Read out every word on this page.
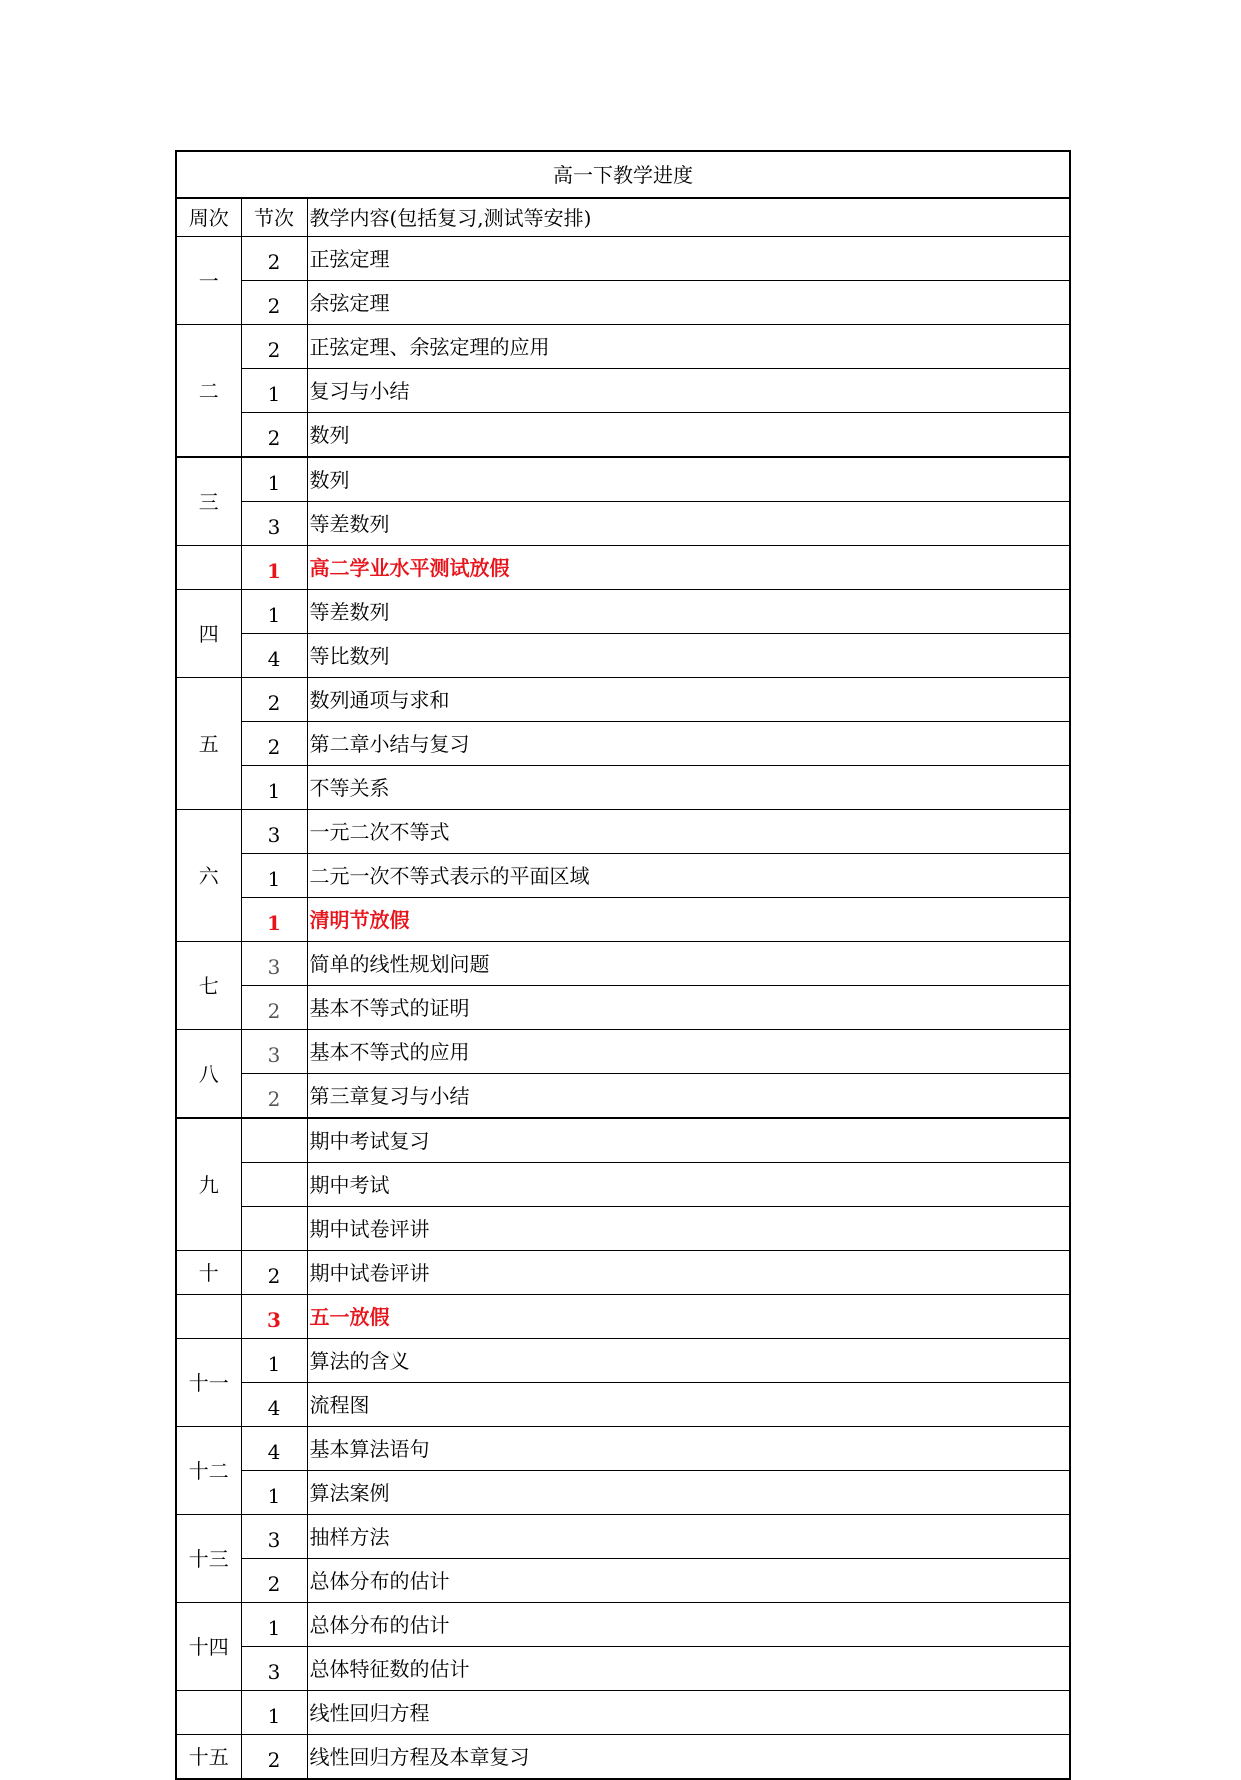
高一下教学进度		
周次	节次	教学内容(包括复习,测试等安排)
一	2	正弦定理
	2	余弦定理
二	2	正弦定理、余弦定理的应用
	1	复习与小结
	2	数列
三	1	数列
	3	等差数列
	1	高二学业水平测试放假
四	1	等差数列
	4	等比数列
五	2	数列通项与求和
	2	第二章小结与复习
	1	不等关系
六	3	一元二次不等式
	1	二元一次不等式表示的平面区域
	1	清明节放假
七	3	简单的线性规划问题
	2	基本不等式的证明
八	3	基本不等式的应用
	2	第三章复习与小结
九		期中考试复习
		期中考试
		期中试卷评讲
十	2	期中试卷评讲
	3	五一放假
十一	1	算法的含义
	4	流程图
十二	4	基本算法语句
	1	算法案例
十三	3	抽样方法
	2	总体分布的估计
十四	1	总体分布的估计
	3	总体特征数的估计
	1	线性回归方程
十五	2	线性回归方程及本章复习
